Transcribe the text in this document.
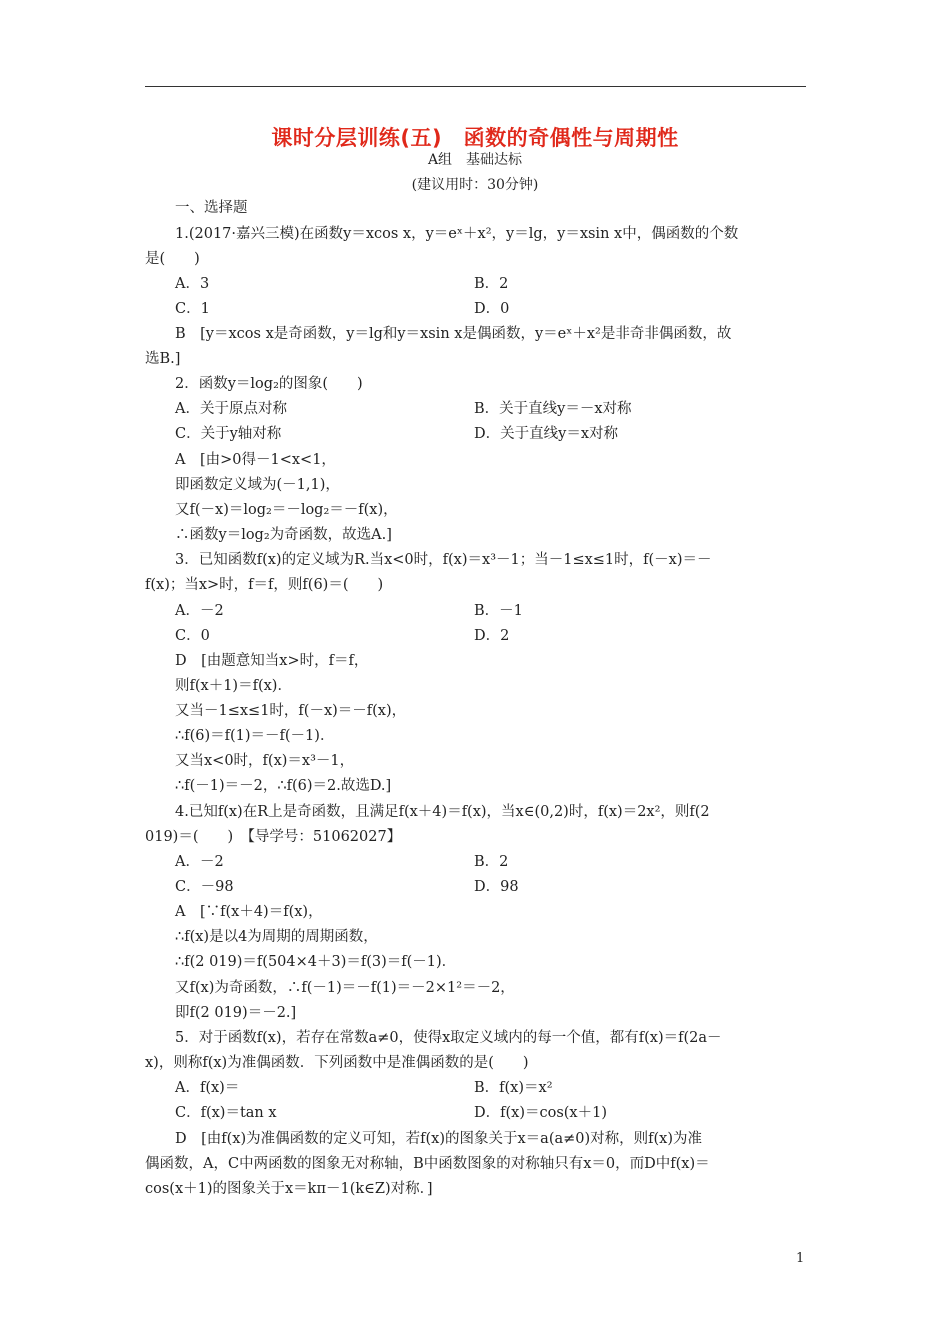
课时分层训练(五)　函数的奇偶性与周期性
A组　基础达标
(建议用时：30分钟)
一、选择题
1.(2017·嘉兴三模)在函数y＝xcos x，y＝eˣ＋x²，y＝lg，y＝xsin x中，偶函数的个数
是(　　)
A．3	B．2
C．1	D．0
B　[y＝xcos x是奇函数，y＝lg和y＝xsin x是偶函数，y＝eˣ＋x²是非奇非偶函数，故
选B.]
2．函数y＝log₂的图象(　　)
A．关于原点对称	B．关于直线y＝－x对称
C．关于y轴对称	D．关于直线y＝x对称
A　[由>0得－1<x<1，
即函数定义域为(－1,1)，
又f(－x)＝log₂＝－log₂＝－f(x)，
∴函数y＝log₂为奇函数，故选A.]
3．已知函数f(x)的定义域为R.当x<0时，f(x)＝x³－1；当－1≤x≤1时，f(－x)＝－
f(x)；当x>时，f＝f，则f(6)＝(　　)
A．－2	B．－1
C．0	D．2
D　[由题意知当x>时，f＝f，
则f(x＋1)＝f(x)．
又当－1≤x≤1时，f(－x)＝－f(x)，
∴f(6)＝f(1)＝－f(－1)．
又当x<0时，f(x)＝x³－1，
∴f(－1)＝－2，∴f(6)＝2.故选D.]
4.已知f(x)在R上是奇函数，且满足f(x＋4)＝f(x)，当x∈(0,2)时，f(x)＝2x²，则f(2
019)＝(　　)　【导学号：51062027】
A．－2	B．2
C．－98	D．98
A　[∵f(x＋4)＝f(x)，
∴f(x)是以4为周期的周期函数，
∴f(2 019)＝f(504×4＋3)＝f(3)＝f(－1)．
又f(x)为奇函数，∴f(－1)＝－f(1)＝－2×1²＝－2，
即f(2 019)＝－2.]
5．对于函数f(x)，若存在常数a≠0，使得x取定义域内的每一个值，都有f(x)＝f(2a－
x)，则称f(x)为准偶函数．下列函数中是准偶函数的是(　　)
A．f(x)＝	B．f(x)＝x²
C．f(x)＝tan x	D．f(x)＝cos(x＋1)
D　[由f(x)为准偶函数的定义可知，若f(x)的图象关于x＝a(a≠0)对称，则f(x)为准
偶函数，A，C中两函数的图象无对称轴，B中函数图象的对称轴只有x＝0，而D中f(x)＝
cos(x＋1)的图象关于x＝kπ－1(k∈Z)对称．]
1
